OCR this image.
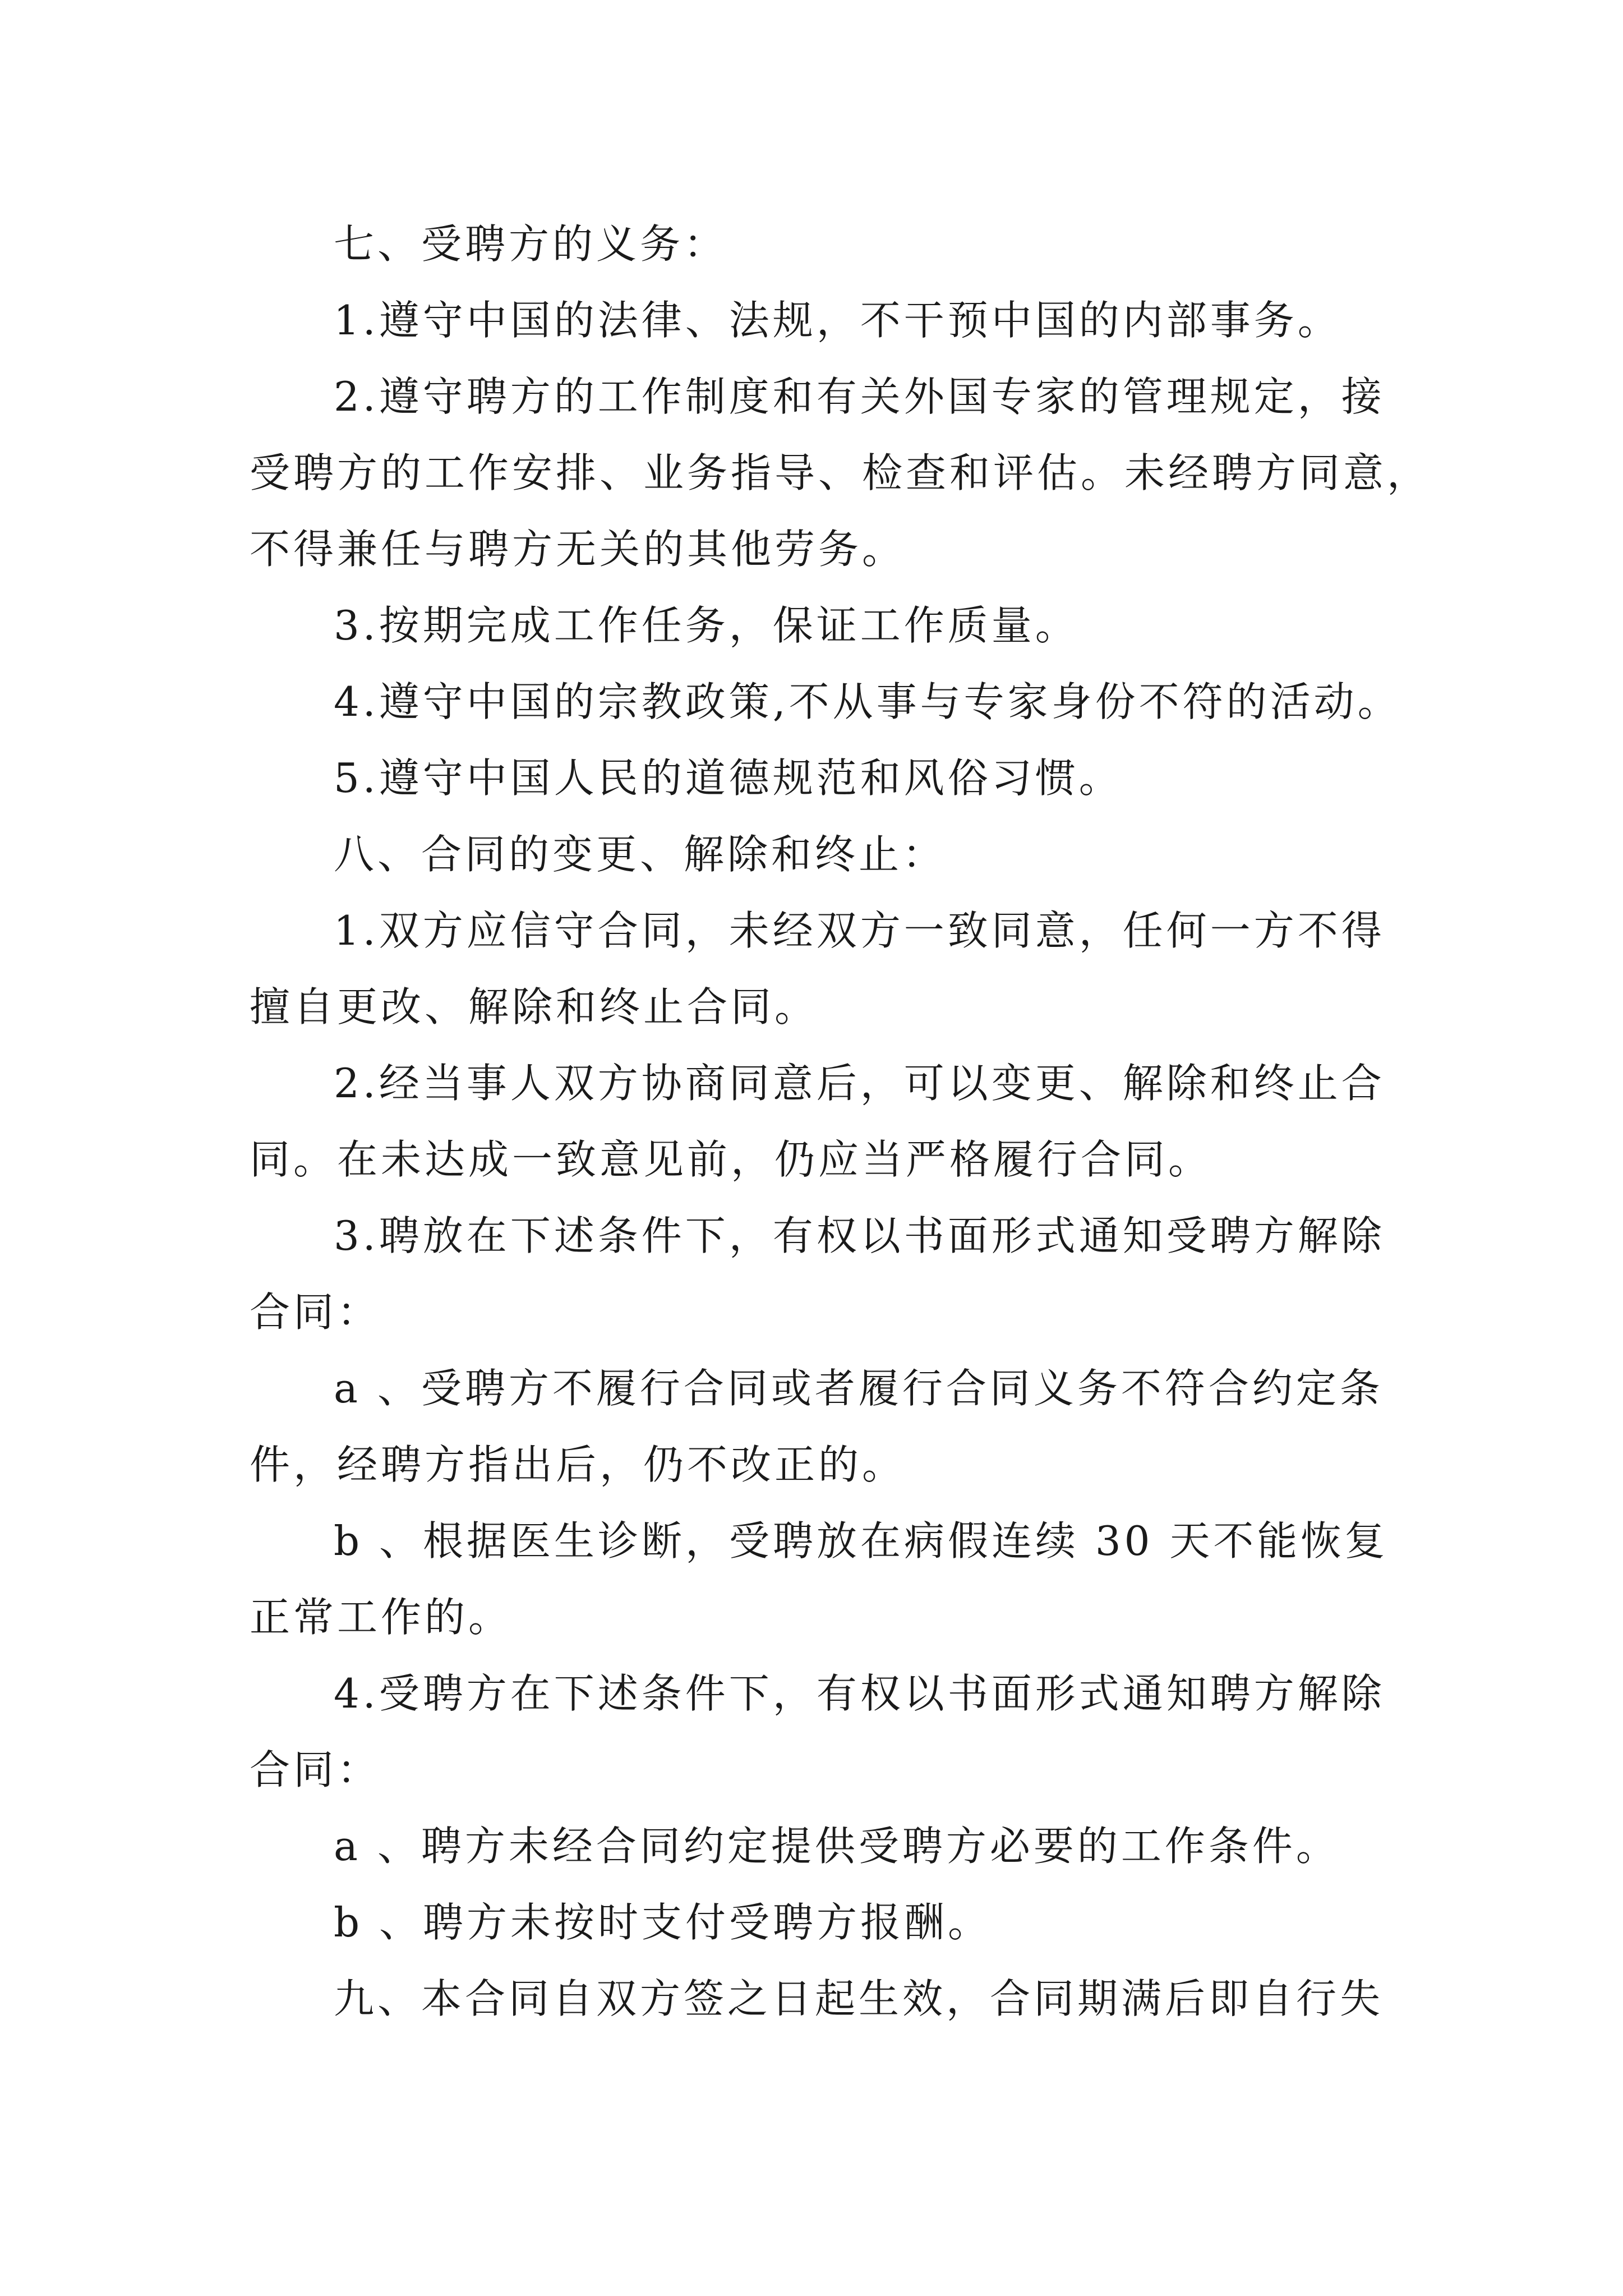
七、受聘方的义务：

1.遵守中国的法律、法规，不干预中国的内部事务。

2.遵守聘方的工作制度和有关外国专家的管理规定，接

受聘方的工作安排、业务指导、检查和评估。未经聘方同意，

不得兼任与聘方无关的其他劳务。

3.按期完成工作任务，保证工作质量。

4.遵守中国的宗教政策,不从事与专家身份不符的活动。

5.遵守中国人民的道德规范和风俗习惯。

八、合同的变更、解除和终止：

1.双方应信守合同，未经双方一致同意，任何一方不得

擅自更改、解除和终止合同。

2.经当事人双方协商同意后，可以变更、解除和终止合

同。在未达成一致意见前，仍应当严格履行合同。

3.聘放在下述条件下，有权以书面形式通知受聘方解除

合同：

a 、受聘方不履行合同或者履行合同义务不符合约定条

件，经聘方指出后，仍不改正的。

b 、根据医生诊断，受聘放在病假连续 30 天不能恢复

正常工作的。

4.受聘方在下述条件下，有权以书面形式通知聘方解除

合同：

a 、聘方未经合同约定提供受聘方必要的工作条件。

b 、聘方未按时支付受聘方报酬。

九、本合同自双方签之日起生效，合同期满后即自行失
